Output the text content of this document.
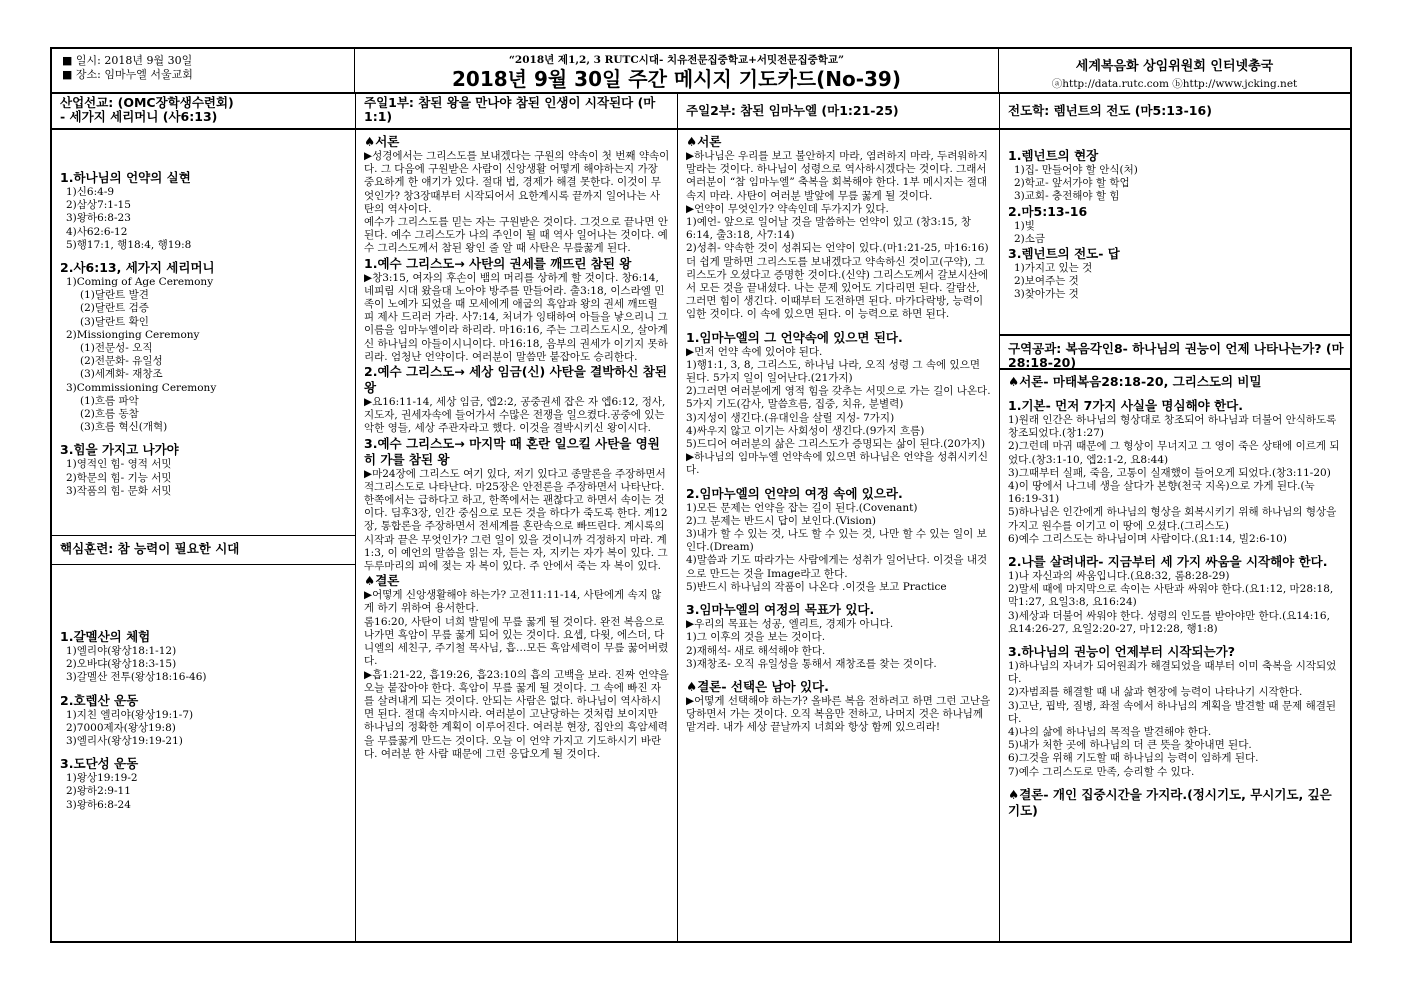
■ 일시: 2018년 9월 30일
■ 장소: 임마누엘 서울교회
“2018년 제1,2, 3 RUTC시대- 치유전문집중학교+서밋전문집중학교”
2018년 9월 30일 주간 메시지 기도카드(No-39)
세계복음화 상임위원회 인터넷총국
ⓐhttp://data.rutc.com ⓑhttp://www.jcking.net
산업선교: (OMC장학생수련회)
- 세가지 세리머니 (사6:13)
1.하나님의 언약의 실현
1)신6:4-9
2)삼상7:1-15
3)왕하6:8-23
4)사62:6-12
5)행17:1, 행18:4, 행19:8
2.사6:13, 세가지 세리머니
1)Coming of Age Ceremony
(1)달란트 발견
(2)달란트 검증
(3)달란트 확인
2)Missionging Ceremony
(1)전문성- 오직
(2)전문화- 유일성
(3)세계화- 재창조
3)Commissioning Ceremony
(1)흐름 파악
(2)흐름 동참
(3)흐름 혁신(개혁)
3.힘을 가지고 나가야
1)영적인 힘- 영적 서밋
2)학문의 힘- 기능 서밋
3)작품의 힘- 문화 서밋
핵심훈련: 참 능력이 필요한 시대
1.갈멜산의 체험
1)엘리야(왕상18:1-12)
2)오바댜(왕상18:3-15)
3)갈멜산 전투(왕상18:16-46)
2.호렙산 운동
1)지친 엘리야(왕상19:1-7)
2)7000제자(왕상19:8)
3)엘리사(왕상19:19-21)
3.도단성 운동
1)왕상19:19-2
2)왕하2:9-11
3)왕하6:8-24
주일1부: 참된 왕을 만나야 참된 인생이 시작된다 (마1:1)
♠서론
▶성경에서는 그리스도를 보내겠다는 구원의 약속이 첫 번째 약속이다. 그 다음에 구원받은 사람이 신앙생활 어떻게 해야하는지 가장 중요하게 한 얘기가 있다. 절대 법, 경제가 해결 못한다. 이것이 무엇인가? 창3장때부터 시작되어서 요한계시록 끝까지 일어나는 사탄의 역사이다.
예수가 그리스도를 믿는 자는 구원받은 것이다. 그것으로 끝나면 안된다. 예수 그리스도가 나의 주인이 될 때 역사 일어나는 것이다. 예수 그리스도께서 참된 왕인 줄 알 때 사탄은 무릎꿇게 된다.
1.예수 그리스도→ 사탄의 권세를 깨뜨린 참된 왕
▶창3:15, 여자의 후손이 뱀의 머리를 상하게 할 것이다. 창6:14, 네피림 시대 왔을대 노아야 방주를 만들어라. 출3:18, 이스라엘 민족이 노예가 되었을 때 모세에게 애굽의 흑암과 왕의 권세 깨뜨릴 피 제사 드리러 가라. 사7:14, 처녀가 잉태하여 아들을 낳으리니 그 이름을 임마누엘이라 하리라. 마16:16, 주는 그리스도시오, 살아계신 하나님의 아들이시니이다. 마16:18, 음부의 권세가 이기지 못하리라. 엄청난 언약이다. 여러분이 말씀만 붙잡아도 승리한다.
2.예수 그리스도→ 세상 임금(신) 사탄을 결박하신 참된 왕
▶요16:11-14, 세상 임금, 엡2:2, 공중권세 잡은 자 엡6:12, 정사, 지도자, 권세자속에 들어가서 수많은 전쟁을 일으켰다.공중에 있는 악한 영들, 세상 주관자라고 했다. 이것을 결박시키신 왕이시다.
3.예수 그리스도→ 마지막 때 혼란 일으킬 사탄을 영원히 가를 참된 왕
▶마24장에 그리스도 여기 있다, 저기 있다고 종말론을 주장하면서 적그리스도로 나타난다. 마25장은 안전론을 주장하면서 나타난다. 한쪽에서는 급하다고 하고, 한쪽에서는 괜찮다고 하면서 속이는 것이다. 딤후3장, 인간 중심으로 모든 것을 하다가 죽도록 한다. 계12장, 통합론을 주장하면서 전세계를 혼란속으로 빠뜨린다. 계시록의 시작과 끝은 무엇인가? 그런 일이 있을 것이니까 걱정하지 마라. 계1:3, 이 예언의 말씀을 읽는 자, 듣는 자, 지키는 자가 복이 있다. 그 두루마리의 피에 젖는 자 복이 있다. 주 안에서 죽는 자 복이 있다.
♠결론
▶어떻게 신앙생활해야 하는가? 고전11:11-14, 사탄에게 속지 않게 하기 위하여 용서한다.
롬16:20, 사탄이 너희 발밑에 무릎 꿇게 될 것이다. 완전 복음으로 나가면 흑암이 무릎 꿇게 되어 있는 것이다. 요셉, 다윗, 에스더, 다니엘의 세친구, 주기철 목사님, 흡…모든 흑암세력이 무릎 꿇어버렸다.
▶흡1:21-22, 흡19:26, 흡23:10의 흡의 고백을 보라. 진짜 언약을 오늘 붙잡아야 한다. 흑암이 무릎 꿇게 될 것이다. 그 속에 빠진 자를 살려내게 되는 것이다. 안되는 사람은 없다. 하나님이 역사하시면 된다. 절대 속지마시라. 여러분이 고난당하는 것처럼 보이지만 하나님의 정확한 계획이 이루어진다. 여러분 현장, 집안의 흑암세력을 무릎꿇게 만드는 것이다. 오늘 이 언약 가지고 기도하시기 바란다. 여러분 한 사람 때문에 그런 응답오게 될 것이다.
주일2부: 참된 임마누엘 (마1:21-25)
♠서론
▶하나님은 우리를 보고 불안하지 마라, 염려하지 마라, 두려워하지 말라는 것이다. 하나님이 성령으로 역사하시겠다는 것이다. 그래서 여러분이 “참 임마누엘” 축복을 회복해야 한다. 1부 메시지는 절대 속지 마라. 사탄이 여러분 발앞에 무릎 꿇게 될 것이다.
▶언약이 무엇인가? 약속인데 두가지가 있다.
1)예언- 앞으로 일어날 것을 말씀하는 언약이 있고 (창3:15, 창6:14, 출3:18, 사7:14)
2)성취- 약속한 것이 성취되는 언약이 있다.(마1:21-25, 마16:16)
더 쉽게 말하면 그리스도를 보내겠다고 약속하신 것이고(구약), 그리스도가 오셨다고 증명한 것이다.(신약) 그리스도께서 갈보시산에서 모든 것을 끝내셨다. 나는 문제 있어도 기다리면 된다. 갈람산, 그러면 힘이 생긴다. 이때부터 도전하면 된다. 마가다락방, 능력이 임한 것이다. 이 속에 있으면 된다. 이 능력으로 하면 된다.
1.임마누엘의 그 언약속에 있으면 된다.
▶먼저 언약 속에 있어야 된다.
1)행1:1, 3, 8, 그리스도, 하나님 나라, 오직 성령 그 속에 있으면 된다. 5가지 일이 일어난다.(21가지)
2)그러면 여러분에게 영적 힘을 갖추는 서밋으로 가는 길이 나온다. 5가지 기도(감사, 말씀흐름, 집중, 치유, 분별력)
3)지성이 생긴다.(유대인을 살릴 지성- 7가지)
4)싸우지 않고 이기는 사회성이 생긴다.(9가지 흐름)
5)드디어 여러분의 삶은 그리스도가 증명되는 삶이 된다.(20가지)
▶하나님의 임마누엘 언약속에 있으면 하나님은 언약을 성취시키신다.
2.임마누엘의 언약의 여정 속에 있으라.
1)모든 문제는 언약을 잡는 길이 된다.(Covenant)
2)그 분제는 반드시 답이 보인다.(Vision)
3)내가 할 수 있는 것, 나도 할 수 있는 것, 나만 할 수 있는 일이 보인다.(Dream)
4)말씀과 기도 따라가는 사람에게는 성취가 일어난다. 이것을 내것으로 만드는 것을 Image라고 한다.
5)반드시 하나님의 작품이 나온다 .이것을 보고 Practice
3.임마누엘의 여정의 목표가 있다.
▶우리의 목표는 성공, 엘리트, 경제가 아니다.
1)그 이후의 것을 보는 것이다.
2)재해석- 새로 해석해야 한다.
3)재창조- 오직 유일성을 통해서 재창조를 찾는 것이다.
♠결론- 선택은 남아 있다.
▶어떻게 선택해야 하는가? 올바른 복음 전하려고 하면 그런 고난을 당하면서 가는 것이다. 오직 복음만 전하고, 나머지 것은 하나님께 맡겨라. 내가 세상 끝날까지 너희와 항상 함께 있으리라!
전도학: 렘넌트의 전도 (마5:13-16)
1.렘넌트의 현장
1)집- 만들어야 할 안식(처)
2)학교- 앞서가야 할 학업
3)교회- 충전해야 할 힘
2.마5:13-16
1)빛
2)소금
3.렘넌트의 전도- 답
1)가지고 있는 것
2)보여주는 것
3)찾아가는 것
구역공과: 복음각인8- 하나님의 권능이 언제 나타나는가? (마28:18-20)
♠서론- 마태복음28:18-20, 그리스도의 비밀
1.기본- 먼저 7가지 사실을 명심해야 한다.
1)원래 인간은 하나님의 형상대로 창조되어 하나님과 더불어 안식하도록 창조되었다.(창1:27)
2)그런데 마귀 때문에 그 형상이 무너지고 그 영이 죽은 상태에 이르게 되었다.(창3:1-10, 엡2:1-2, 요8:44)
3)그때부터 실패, 죽음, 고통이 실재했이 들어오게 되었다.(창3:11-20)
4)이 땅에서 나그네 생을 살다가 본향(천국 지옥)으로 가게 된다.(눅16:19-31)
5)하나님은 인간에게 하나님의 형상을 회복시키기 위해 하나님의 형상을 가지고 원수를 이기고 이 땅에 오셨다.(그리스도)
6)예수 그리스도는 하나님이며 사람이다.(요1:14, 빌2:6-10)
2.나를 살려내라- 지금부터 세 가지 싸움을 시작해야 한다.
1)나 자신과의 싸움입니다.(요8:32, 롬8:28-29)
2)말세 때에 마지막으로 속이는 사탄과 싸워야 한다.(요1:12, 마28:18, 막1:27, 요일3:8, 요16:24)
3)세상과 더불어 싸워야 한다. 성령의 인도를 받아야만 한다.(요14:16, 요14:26-27, 요일2:20-27, 마12:28, 행1:8)
3.하나님의 권능이 언제부터 시작되는가?
1)하나님의 자녀가 되어원죄가 해결되었을 때부터 이미 축복을 시작되었다.
2)자범죄를 해결할 때 내 삶과 현장에 능력이 나타나기 시작한다.
3)고난, 핍박, 질병, 좌절 속에서 하나님의 계획을 발견할 때 문제 해결된다.
4)나의 삶에 하나님의 목적을 발견해야 한다.
5)내가 처한 곳에 하나님의 더 큰 뜻을 찾아내면 된다.
6)그것을 위해 기도할 때 하나님의 능력이 임하게 된다.
7)예수 그리스도로 만족, 승리할 수 있다.
♠결론- 개인 집중시간을 가지라.(정시기도, 무시기도, 깊은기도)
